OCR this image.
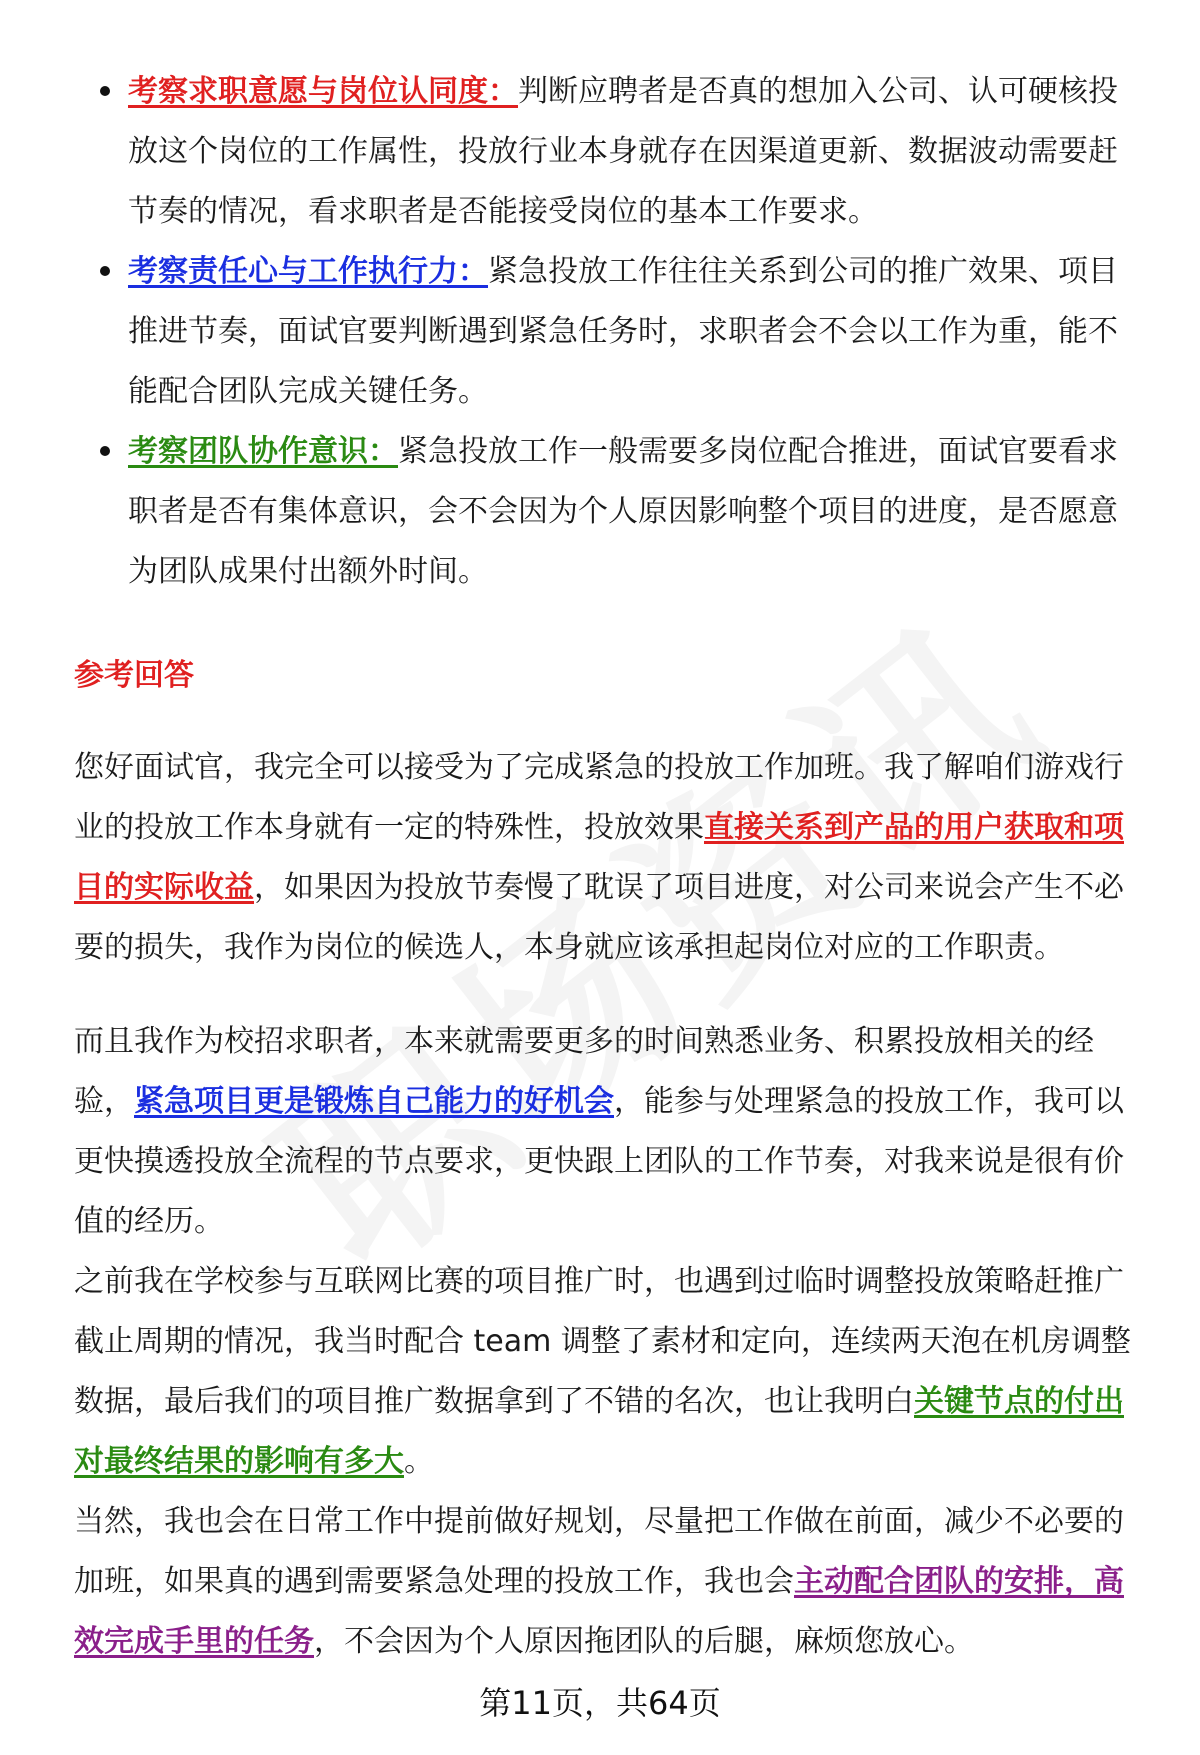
考察求职意愿与岗位认同度：判断应聘者是否真的想加入公司、认可硬核投放这个岗位的工作属性，投放行业本身就存在因渠道更新、数据波动需要赶节奏的情况，看求职者是否能接受岗位的基本工作要求。
考察责任心与工作执行力：紧急投放工作往往关系到公司的推广效果、项目推进节奏，面试官要判断遇到紧急任务时，求职者会不会以工作为重，能不能配合团队完成关键任务。
考察团队协作意识：紧急投放工作一般需要多岗位配合推进，面试官要看求职者是否有集体意识，会不会因为个人原因影响整个项目的进度，是否愿意为团队成果付出额外时间。
参考回答

您好面试官，我完全可以接受为了完成紧急的投放工作加班。我了解咱们游戏行业的投放工作本身就有一定的特殊性，投放效果直接关系到产品的用户获取和项目的实际收益，如果因为投放节奏慢了耽误了项目进度，对公司来说会产生不必要的损失，我作为岗位的候选人，本身就应该承担起岗位对应的工作职责。

而且我作为校招求职者，本来就需要更多的时间熟悉业务、积累投放相关的经验，紧急项目更是锻炼自己能力的好机会，能参与处理紧急的投放工作，我可以更快摸透投放全流程的节点要求，更快跟上团队的工作节奏，对我来说是很有价值的经历。

之前我在学校参与互联网比赛的项目推广时，也遇到过临时调整投放策略赶推广截止周期的情况，我当时配合 team 调整了素材和定向，连续两天泡在机房调整数据，最后我们的项目推广数据拿到了不错的名次，也让我明白关键节点的付出对最终结果的影响有多大。

当然，我也会在日常工作中提前做好规划，尽量把工作做在前面，减少不必要的加班，如果真的遇到需要紧急处理的投放工作，我也会主动配合团队的安排，高效完成手里的任务，不会因为个人原因拖团队的后腿，麻烦您放心。

第11页，共64页
